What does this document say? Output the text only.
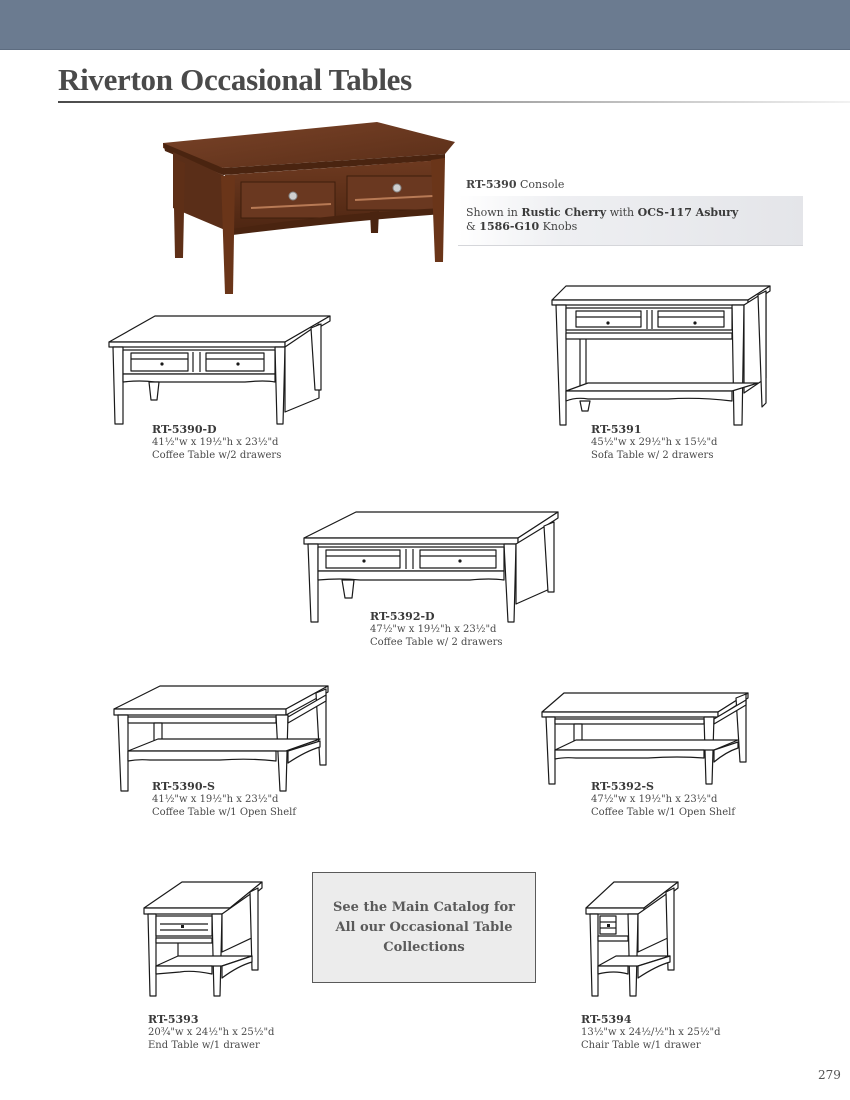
Riverton Occasional Tables
RT-5390 Console
Shown in Rustic Cherry with OCS-117 Asbury
& 1586-G10 Knobs
RT-5390-D
41½"w x 19½"h x 23½"d
Coffee Table w/2 drawers
RT-5391
45½"w x 29½"h x 15½"d
Sofa Table w/ 2 drawers
RT-5392-D
47½"w x 19½"h x 23½"d
Coffee Table w/ 2 drawers
RT-5390-S
41½"w x 19½"h x 23½"d
Coffee Table w/1 Open Shelf
RT-5392-S
47½"w x 19½"h x 23½"d
Coffee Table w/1 Open Shelf
RT-5393
20¾"w x 24½"h x 25½"d
End Table w/1 drawer
See the Main Catalog for All our Occasional Table Collections
RT-5394
13½"w x 24½/½"h x 25½"d
Chair Table w/1 drawer
279
